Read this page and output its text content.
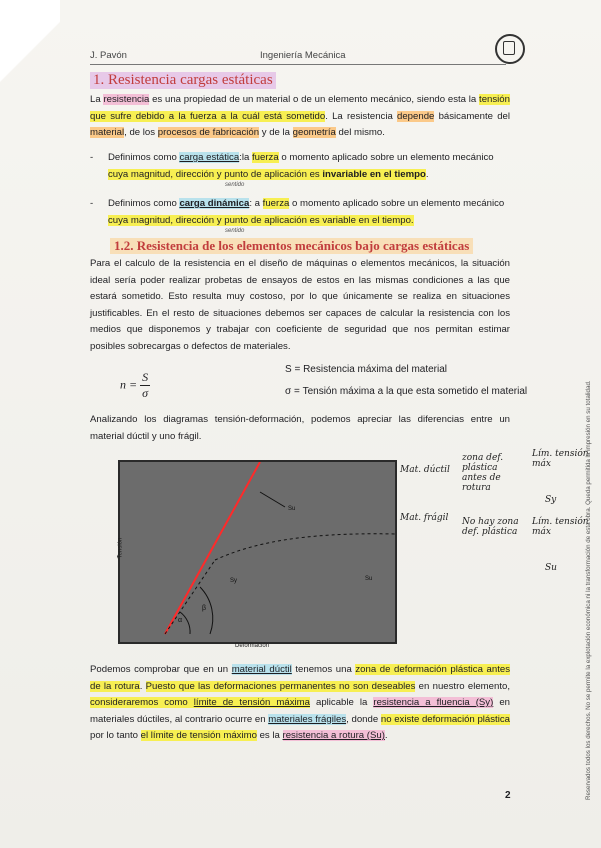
J. Pavón	Ingeniería Mecánica
1. Resistencia cargas estáticas
La resistencia es una propiedad de un material o de un elemento mecánico, siendo esta la tensión que sufre debido a la fuerza a la cuál está sometido. La resistencia depende básicamente del material, de los procesos de fabricación y de la geometría del mismo.
- Definimos como carga estática:la fuerza o momento aplicado sobre un elemento mecánico cuya magnitud, dirección y punto de aplicación es invariable en el tiempo.
sentido
- Definimos como carga dinámica: a fuerza o momento aplicado sobre un elemento mecánico cuya magnitud, dirección y punto de aplicación es variable en el tiempo.
sentido
1.2. Resistencia de los elementos mecánicos bajo cargas estáticas
Para el calculo de la resistencia en el diseño de máquinas o elementos mecánicos, la situación ideal sería poder realizar probetas de ensayos de estos en las mismas condiciones a las que estará sometido. Esto resulta muy costoso, por lo que únicamente se realiza en situaciones justificables. En el resto de situaciones debemos ser capaces de calcular la resistencia con los medios que disponemos y trabajar con coeficiente de seguridad que nos permitan estimar posibles sobrecargas o defectos de materiales.
$n = \frac{S}{\sigma}$
S = Resistencia máxima del material
σ = Tensión máxima a la que esta sometido el material
Analizando los diagramas tensión-deformación, podemos apreciar las diferencias entre un material dúctil y uno frágil.
Su
Sy	Su
α
β
Tensión
Deformación
Mat. dúctil
zona def. plástica antes de rotura
Lím. tensión máx
Sy
Mat. frágil No hay zona def. plástica
Lím. tensión máx
Su
Podemos comprobar que en un material dúctil tenemos una zona de deformación plástica antes de la rotura. Puesto que las deformaciones permanentes no son deseables en nuestro elemento, consideraremos como límite de tensión máxima aplicable la resistencia a fluencia (Sy) en materiales dúctiles, al contrario ocurre en materiales frágiles, donde no existe deformación plástica por lo tanto el límite de tensión máximo es la resistencia a rotura (Su).
2	Reservados todos los derechos. No se permite la explotación económica ni la transformación de esta obra. Queda permitida la impresión en su totalidad.
